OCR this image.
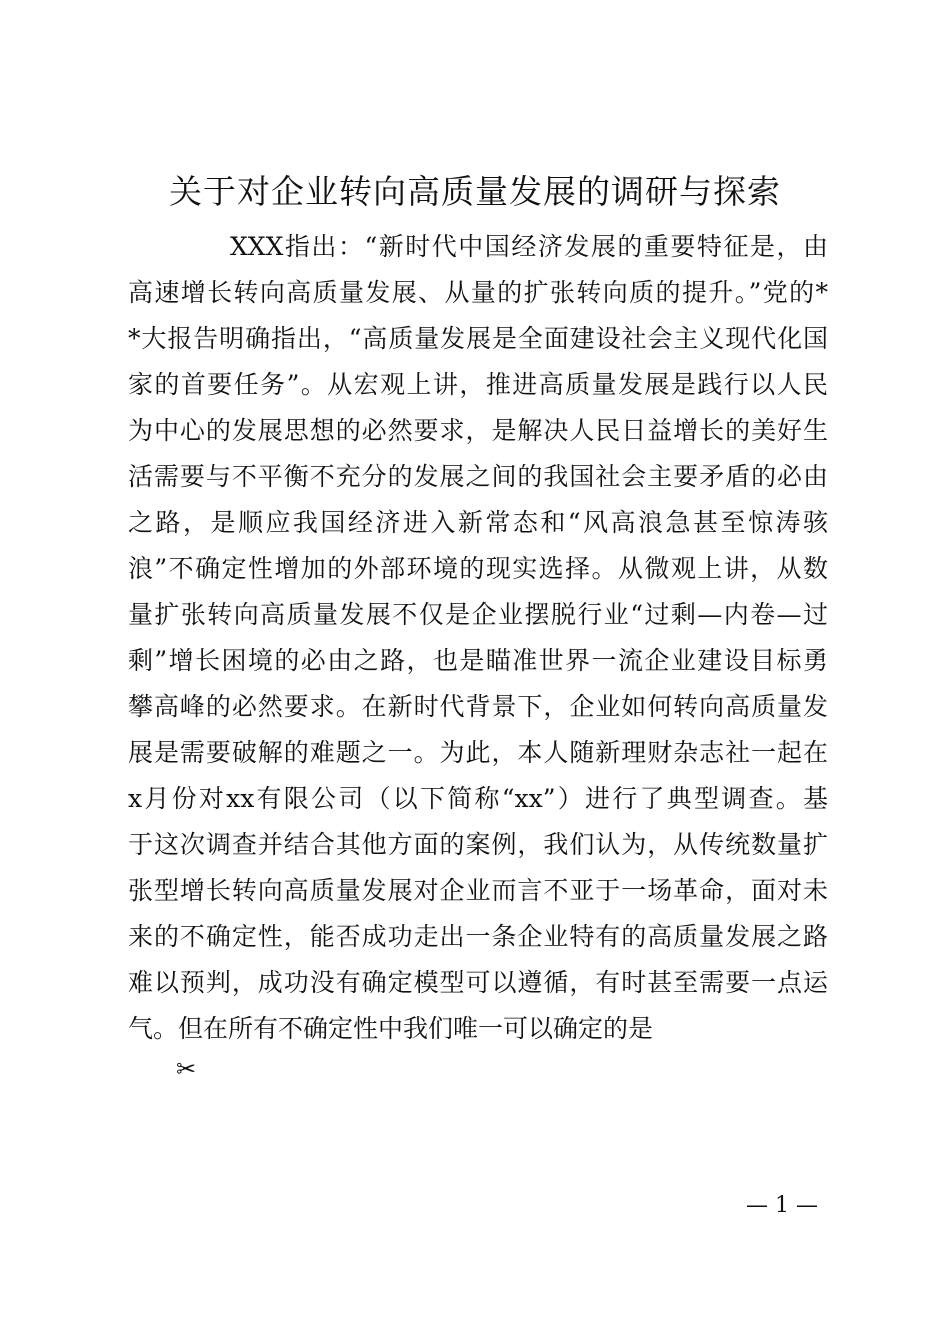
关于对企业转向高质量发展的调研与探索
XXX指出：“新时代中国经济发展的重要特征是，由
高速增长转向高质量发展、从量的扩张转向质的提升。”党的*
*大报告明确指出，“高质量发展是全面建设社会主义现代化国
家的首要任务”。从宏观上讲，推进高质量发展是践行以人民
为中心的发展思想的必然要求，是解决人民日益增长的美好生
活需要与不平衡不充分的发展之间的我国社会主要矛盾的必由
之路，是顺应我国经济进入新常态和“风高浪急甚至惊涛骇
浪”不确定性增加的外部环境的现实选择。从微观上讲，从数
量扩张转向高质量发展不仅是企业摆脱行业“过剩—内卷—过
剩”增长困境的必由之路，也是瞄准世界一流企业建设目标勇
攀高峰的必然要求。在新时代背景下，企业如何转向高质量发
展是需要破解的难题之一。为此，本人随新理财杂志社一起在
x月份对xx有限公司（以下简称“xx”）进行了典型调查。基
于这次调查并结合其他方面的案例，我们认为，从传统数量扩
张型增长转向高质量发展对企业而言不亚于一场革命，面对未
来的不确定性，能否成功走出一条企业特有的高质量发展之路
难以预判，成功没有确定模型可以遵循，有时甚至需要一点运
气。但在所有不确定性中我们唯一可以确定的是
✂
— 1 —
